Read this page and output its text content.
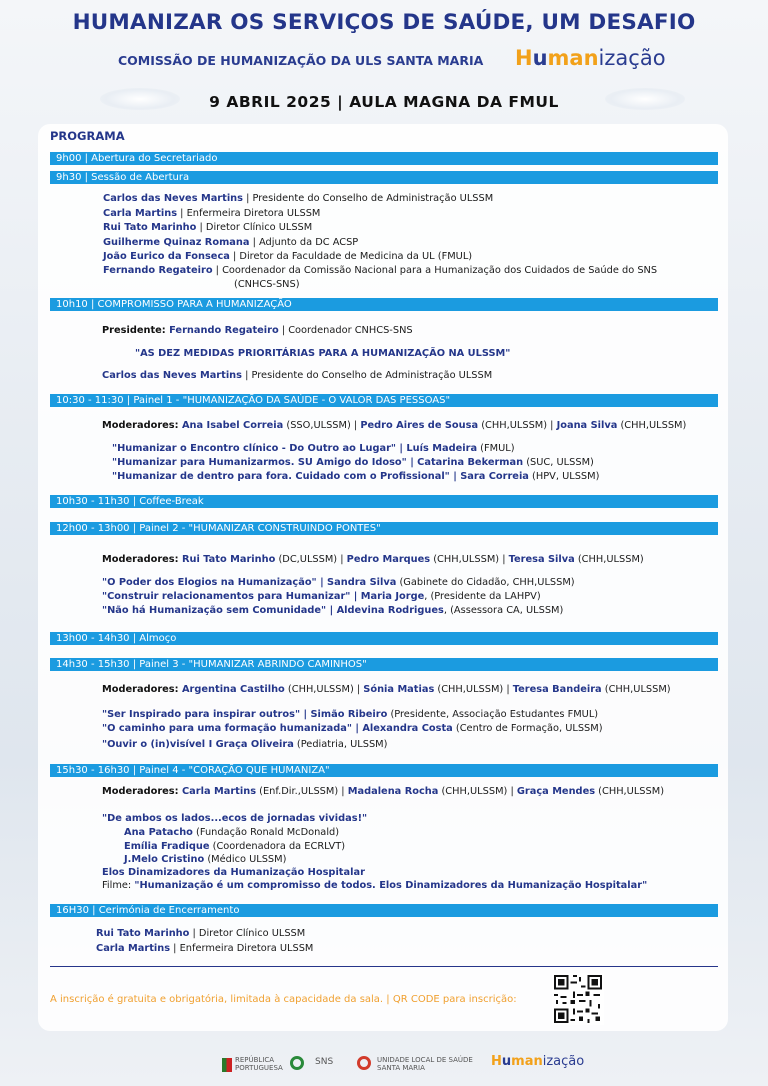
HUMANIZAR OS SERVIÇOS DE SAÚDE, UM DESAFIO
COMISSÃO DE HUMANIZAÇÃO DA ULS SANTA MARIA Humanização
9 ABRIL 2025 | AULA MAGNA DA FMUL
PROGRAMA
9h00 | Abertura do Secretariado
9h30 | Sessão de Abertura
Carlos das Neves Martins | Presidente do Conselho de Administração ULSSM
Carla Martins | Enfermeira Diretora ULSSM
Rui Tato Marinho | Diretor Clínico ULSSM
Guilherme Quinaz Romana | Adjunto da DC ACSP
João Eurico da Fonseca | Diretor da Faculdade de Medicina da UL (FMUL)
Fernando Regateiro | Coordenador da Comissão Nacional para a Humanização dos Cuidados de Saúde do SNS
(CNHCS-SNS)
10h10 | COMPROMISSO PARA A HUMANIZAÇÃO
Presidente: Fernando Regateiro | Coordenador CNHCS-SNS
"AS DEZ MEDIDAS PRIORITÁRIAS PARA A HUMANIZAÇÃO NA ULSSM"
Carlos das Neves Martins | Presidente do Conselho de Administração ULSSM
10:30 - 11:30 | Painel 1 - "HUMANIZAÇÃO DA SAÚDE - O VALOR DAS PESSOAS"
Moderadores: Ana Isabel Correia (SSO,ULSSM) | Pedro Aires de Sousa (CHH,ULSSM) | Joana Silva (CHH,ULSSM)
"Humanizar o Encontro clínico - Do Outro ao Lugar" | Luís Madeira (FMUL)
"Humanizar para Humanizarmos. SU Amigo do Idoso" | Catarina Bekerman (SUC, ULSSM)
"Humanizar de dentro para fora. Cuidado com o Profissional" | Sara Correia (HPV, ULSSM)
10h30 - 11h30 | Coffee-Break
12h00 - 13h00 | Painel 2 - "HUMANIZAR CONSTRUINDO PONTES"
Moderadores: Rui Tato Marinho (DC,ULSSM) | Pedro Marques (CHH,ULSSM) | Teresa Silva (CHH,ULSSM)
"O Poder dos Elogios na Humanização" | Sandra Silva (Gabinete do Cidadão, CHH,ULSSM)
"Construir relacionamentos para Humanizar" | Maria Jorge, (Presidente da LAHPV)
"Não há Humanização sem Comunidade" | Aldevina Rodrigues, (Assessora CA, ULSSM)
13h00 - 14h30 | Almoço
14h30 - 15h30 | Painel 3 - "HUMANIZAR ABRINDO CAMINHOS"
Moderadores: Argentina Castilho (CHH,ULSSM) | Sónia Matias (CHH,ULSSM) | Teresa Bandeira (CHH,ULSSM)
"Ser Inspirado para inspirar outros" | Simão Ribeiro (Presidente, Associação Estudantes FMUL)
"O caminho para uma formação humanizada" | Alexandra Costa (Centro de Formação, ULSSM)
"Ouvir o (in)visível I Graça Oliveira (Pediatria, ULSSM)
15h30 - 16h30 | Painel 4 - "CORAÇÃO QUE HUMANIZA"
Moderadores: Carla Martins (Enf.Dir.,ULSSM) | Madalena Rocha (CHH,ULSSM) | Graça Mendes (CHH,ULSSM)
"De ambos os lados...ecos de jornadas vividas!"
Ana Patacho (Fundação Ronald McDonald)
Emília Fradique (Coordenadora da ECRLVT)
J.Melo Cristino (Médico ULSSM)
Elos Dinamizadores da Humanização Hospitalar
Filme: "Humanização é um compromisso de todos. Elos Dinamizadores da Humanização Hospitalar"
16H30 | Cerimónia de Encerramento
Rui Tato Marinho | Diretor Clínico ULSSM
Carla Martins | Enfermeira Diretora ULSSM
A inscrição é gratuita e obrigatória, limitada à capacidade da sala. | QR CODE para inscrição:
REPÚBLICA
PORTUGUESA
SNS	UNIDADE LOCAL DE SAÚDE
SANTA MARIA	Humanização
